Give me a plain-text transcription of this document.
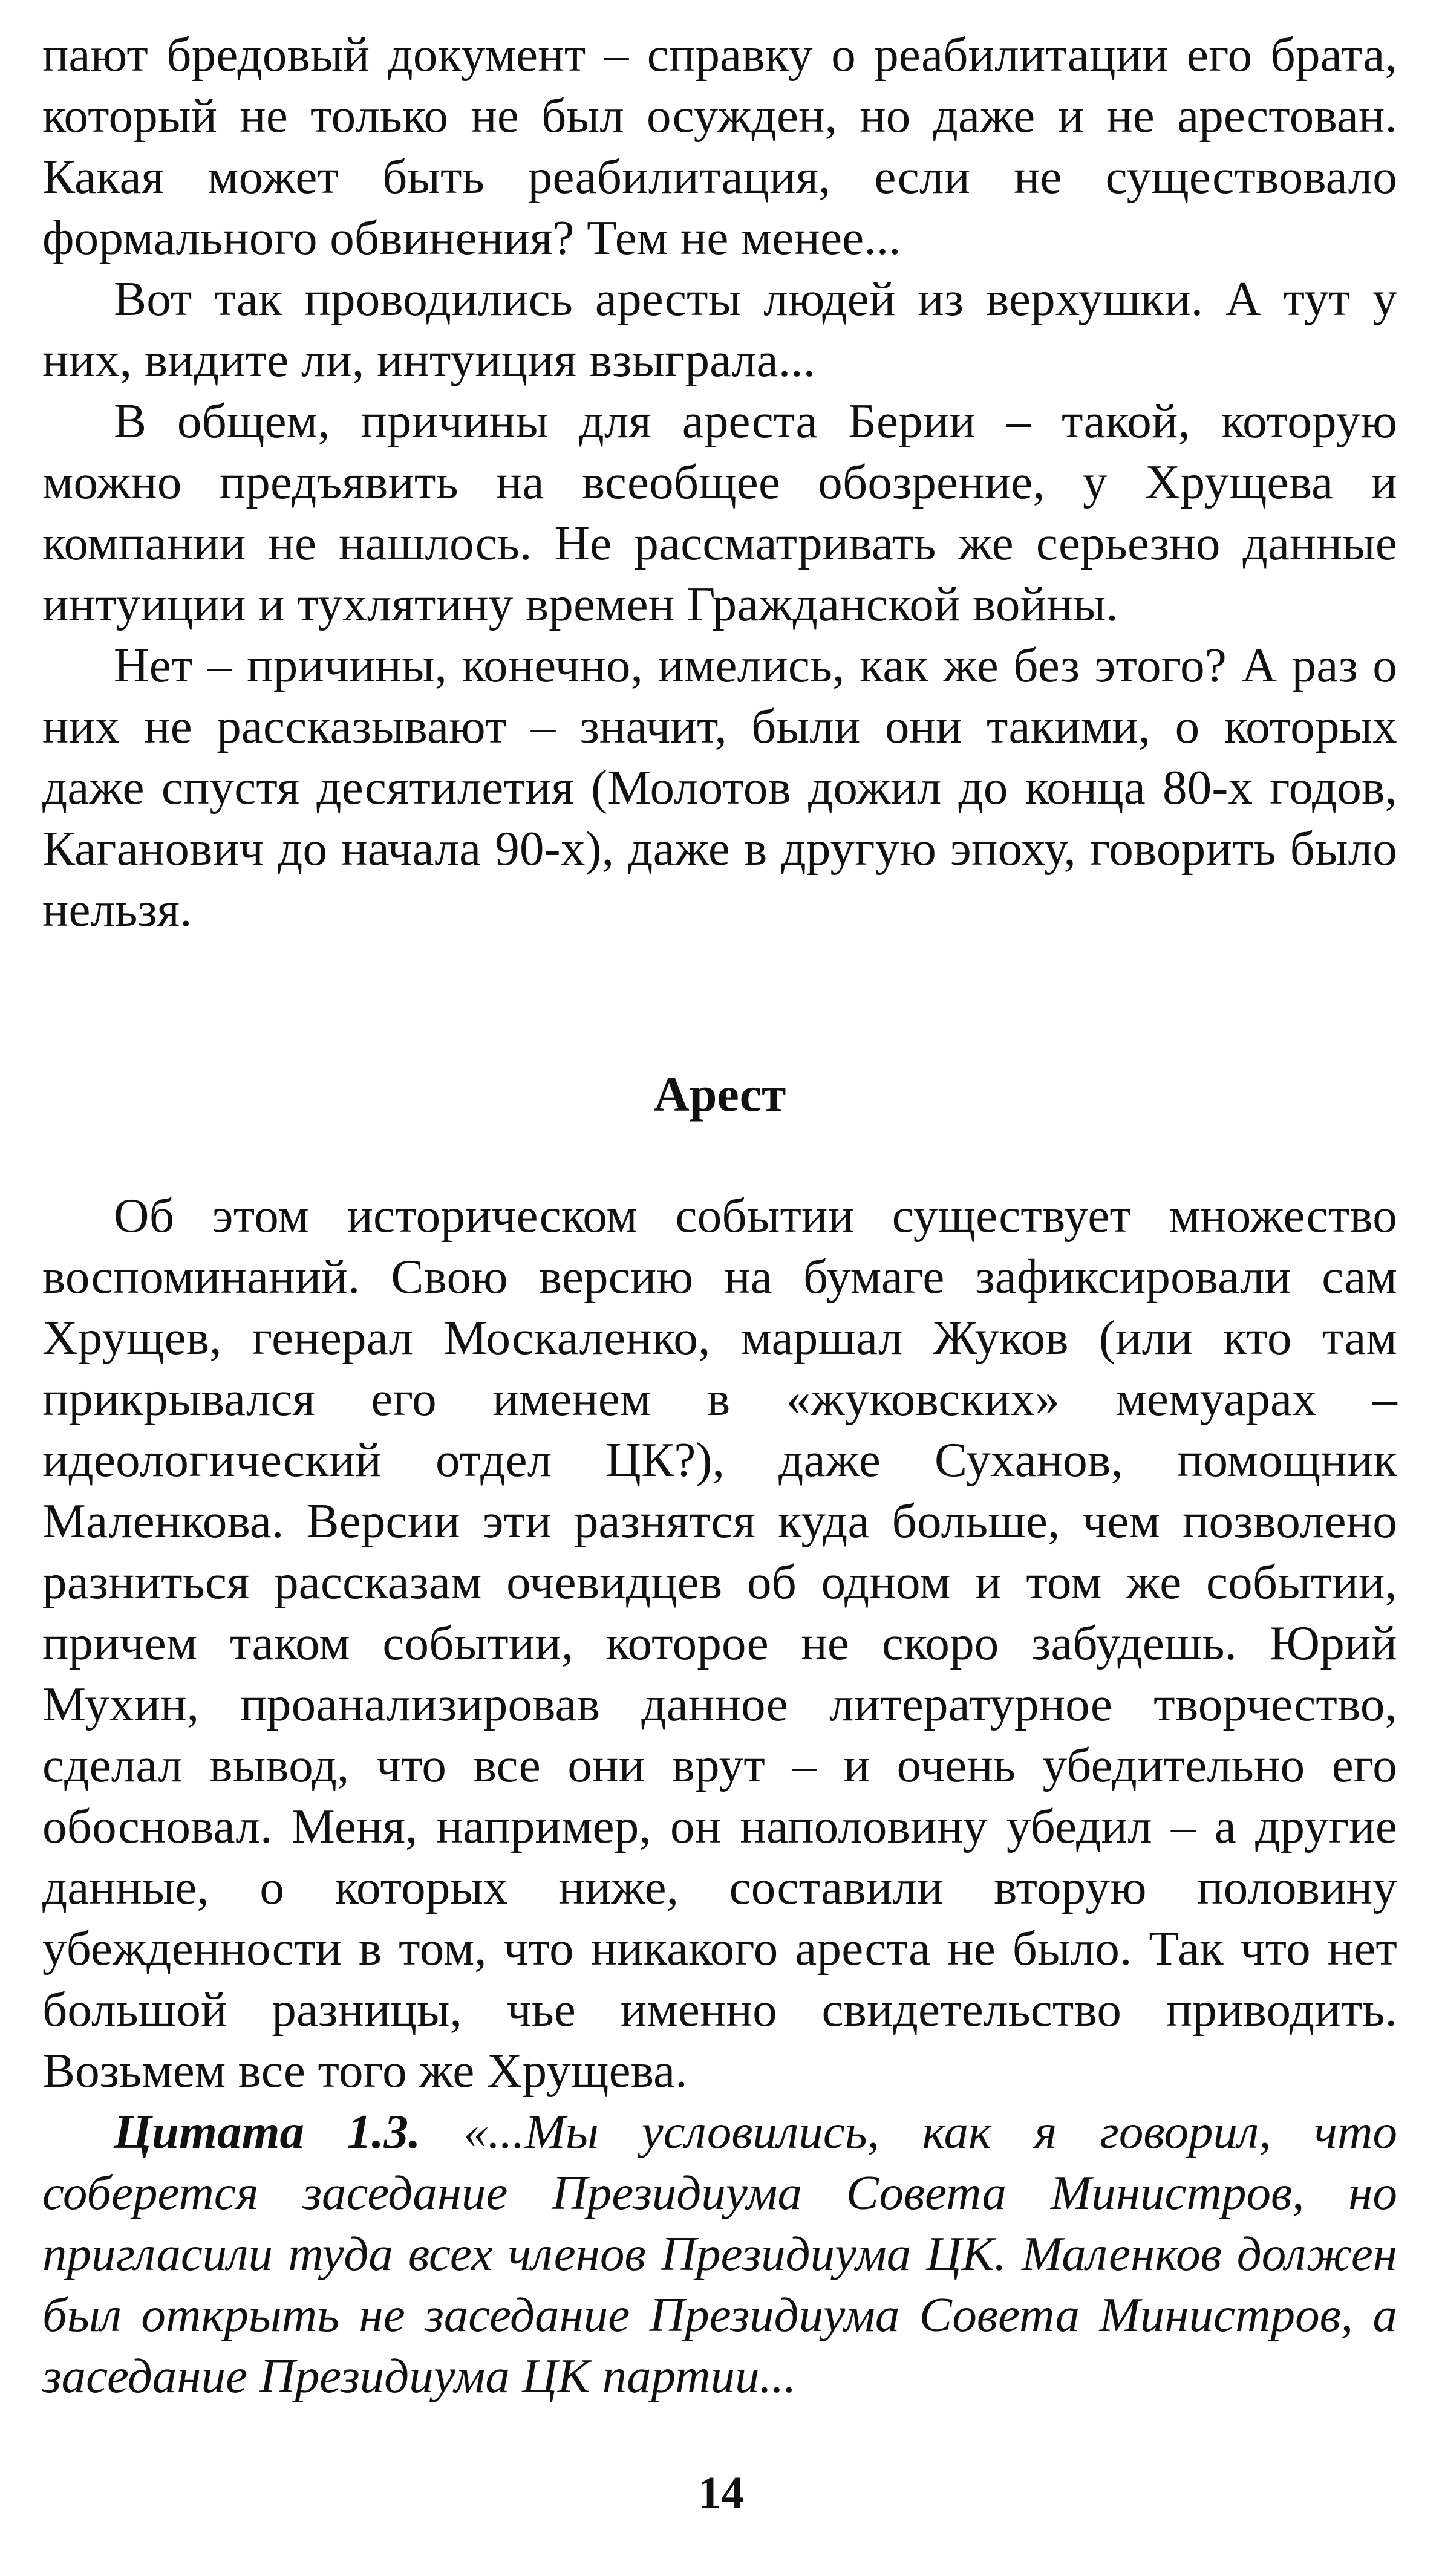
пают бредовый документ – справку о реабилитации его брата, который не только не был осужден, но даже и не арестован. Какая может быть реабилитация, если не существовало формального обвинения? Тем не менее...

Вот так проводились аресты людей из верхушки. А тут у них, видите ли, интуиция взыграла...

В общем, причины для ареста Берии – такой, которую можно предъявить на всеобщее обозрение, у Хрущева и компании не нашлось. Не рассматривать же серьезно данные интуиции и тухлятину времен Гражданской войны.

Нет – причины, конечно, имелись, как же без этого? А раз о них не рассказывают – значит, были они такими, о которых даже спустя десятилетия (Молотов дожил до конца 80-х годов, Каганович до начала 90-х), даже в другую эпоху, говорить было нельзя.

Арест

Об этом историческом событии существует множество воспоминаний. Свою версию на бумаге зафиксировали сам Хрущев, генерал Москаленко, маршал Жуков (или кто там прикрывался его именем в «жуковских» мемуарах – идеологический отдел ЦК?), даже Суханов, помощник Маленкова. Версии эти разнятся куда больше, чем позволено разниться рассказам очевидцев об одном и том же событии, причем таком событии, которое не скоро забудешь. Юрий Мухин, проанализировав данное литературное творчество, сделал вывод, что все они врут – и очень убедительно его обосновал. Меня, например, он наполовину убедил – а другие данные, о которых ниже, составили вторую половину убежденности в том, что никакого ареста не было. Так что нет большой разницы, чье именно свидетельство приводить. Возьмем все того же Хрущева.

Цитата 1.3. «...Мы условились, как я говорил, что соберется заседание Президиума Совета Министров, но пригласили туда всех членов Президиума ЦК. Маленков должен был открыть не заседание Президиума Совета Министров, а заседание Президиума ЦК партии...

14
